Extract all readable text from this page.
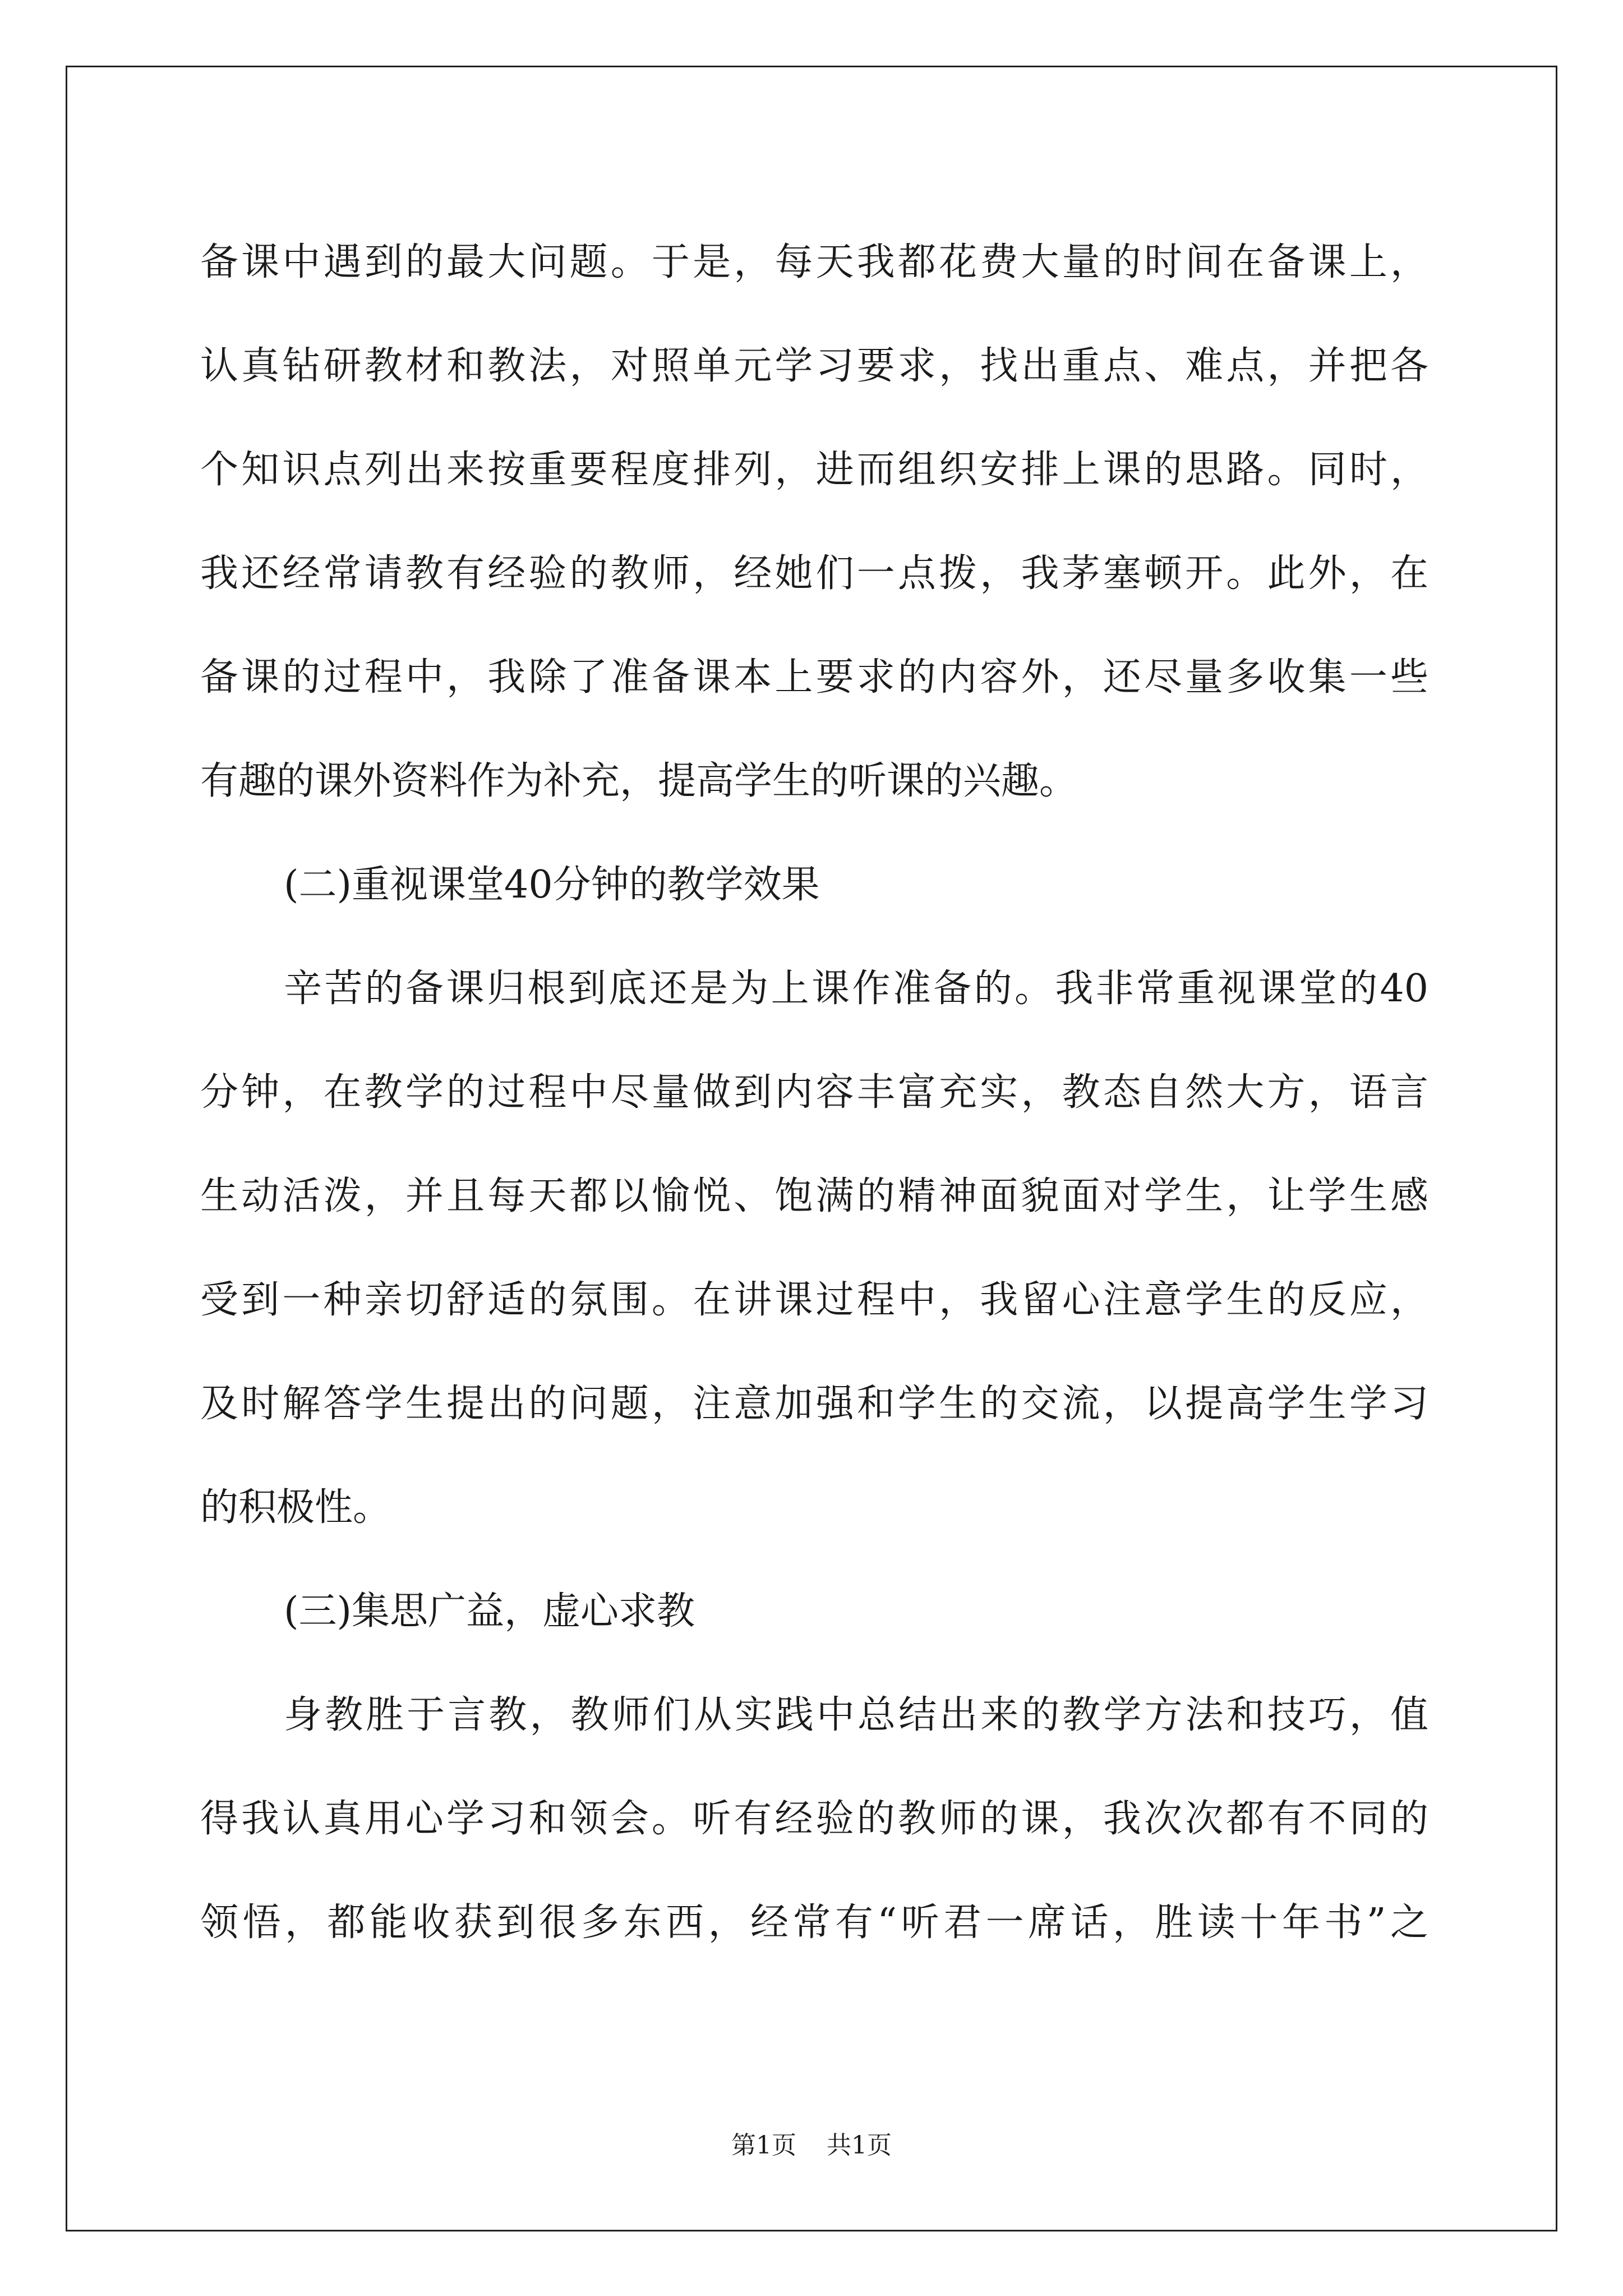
备课中遇到的最大问题。于是，每天我都花费大量的时间在备课上，
认真钻研教材和教法，对照单元学习要求，找出重点、难点，并把各
个知识点列出来按重要程度排列，进而组织安排上课的思路。同时，
我还经常请教有经验的教师，经她们一点拨，我茅塞顿开。此外，在
备课的过程中，我除了准备课本上要求的内容外，还尽量多收集一些
有趣的课外资料作为补充，提高学生的听课的兴趣。
(二)重视课堂40分钟的教学效果
辛苦的备课归根到底还是为上课作准备的。我非常重视课堂的40
分钟，在教学的过程中尽量做到内容丰富充实，教态自然大方，语言
生动活泼，并且每天都以愉悦、饱满的精神面貌面对学生，让学生感
受到一种亲切舒适的氛围。在讲课过程中，我留心注意学生的反应，
及时解答学生提出的问题，注意加强和学生的交流，以提高学生学习
的积极性。
(三)集思广益，虚心求教
身教胜于言教，教师们从实践中总结出来的教学方法和技巧，值
得我认真用心学习和领会。听有经验的教师的课，我次次都有不同的
领悟，都能收获到很多东西，经常有“听君一席话，胜读十年书”之
第1页 共1页
